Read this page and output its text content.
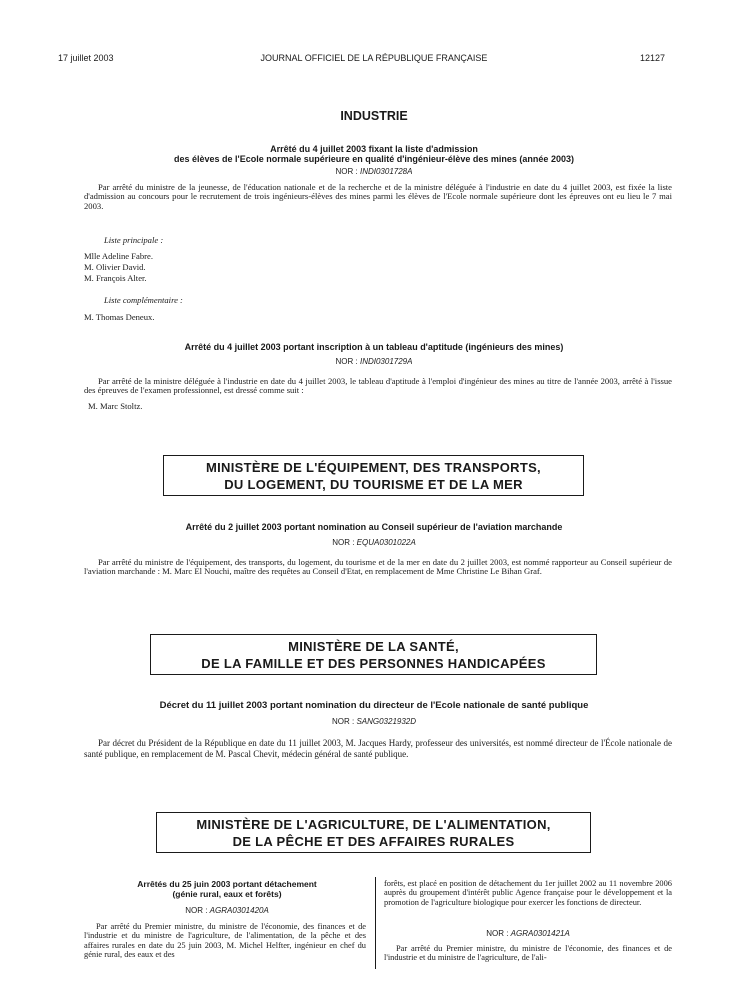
17 juillet 2003	JOURNAL OFFICIEL DE LA RÉPUBLIQUE FRANÇAISE	12127
INDUSTRIE
Arrêté du 4 juillet 2003 fixant la liste d'admission
des élèves de l'Ecole normale supérieure en qualité d'ingénieur-élève des mines (année 2003)
NOR : INDI0301728A

Par arrêté du ministre de la jeunesse, de l'éducation nationale et de la recherche et de la ministre déléguée à l'industrie en date du 4 juillet 2003, est fixée la liste d'admission au concours pour le recrutement de trois ingénieurs-élèves des mines parmi les élèves de l'Ecole normale supérieure dont les épreuves ont eu lieu le 7 mai 2003.

Liste principale :
Mlle Adeline Fabre.
M. Olivier David.
M. François Alter.
Liste complémentaire :
M. Thomas Deneux.
Arrêté du 4 juillet 2003 portant inscription à un tableau d'aptitude (ingénieurs des mines)
NOR : INDI0301729A

Par arrêté de la ministre déléguée à l'industrie en date du 4 juillet 2003, le tableau d'aptitude à l'emploi d'ingénieur des mines au titre de l'année 2003, arrêté à l'issue des épreuves de l'examen professionnel, est dressé comme suit :

M. Marc Stoltz.
MINISTÈRE DE L'ÉQUIPEMENT, DES TRANSPORTS,
DU LOGEMENT, DU TOURISME ET DE LA MER
Arrêté du 2 juillet 2003 portant nomination au Conseil supérieur de l'aviation marchande
NOR : EQUA0301022A

Par arrêté du ministre de l'équipement, des transports, du logement, du tourisme et de la mer en date du 2 juillet 2003, est nommé rapporteur au Conseil supérieur de l'aviation marchande : M. Marc El Nouchi, maître des requêtes au Conseil d'Etat, en remplacement de Mme Christine Le Bihan Graf.

MINISTÈRE DE LA SANTÉ,
DE LA FAMILLE ET DES PERSONNES HANDICAPÉES
Décret du 11 juillet 2003 portant nomination du directeur de l'Ecole nationale de santé publique
NOR : SANG0321932D

Par décret du Président de la République en date du 11 juillet 2003, M. Jacques Hardy, professeur des universités, est nommé directeur de l'École nationale de santé publique, en remplacement de M. Pascal Chevit, médecin général de santé publique.

MINISTÈRE DE L'AGRICULTURE, DE L'ALIMENTATION,
DE LA PÊCHE ET DES AFFAIRES RURALES
Arrêtés du 25 juin 2003 portant détachement
(génie rural, eaux et forêts)
NOR : AGRA0301420A

Par arrêté du Premier ministre, du ministre de l'économie, des finances et de l'industrie et du ministre de l'agriculture, de l'alimentation, de la pêche et des affaires rurales en date du 25 juin 2003, M. Michel Helfter, ingénieur en chef du génie rural, des eaux et des

forêts, est placé en position de détachement du 1er juillet 2002 au 11 novembre 2006 auprès du groupement d'intérêt public Agence française pour le développement et la promotion de l'agriculture biologique pour exercer les fonctions de directeur.

NOR : AGRA0301421A

Par arrêté du Premier ministre, du ministre de l'économie, des finances et de l'industrie et du ministre de l'agriculture, de l'ali-
